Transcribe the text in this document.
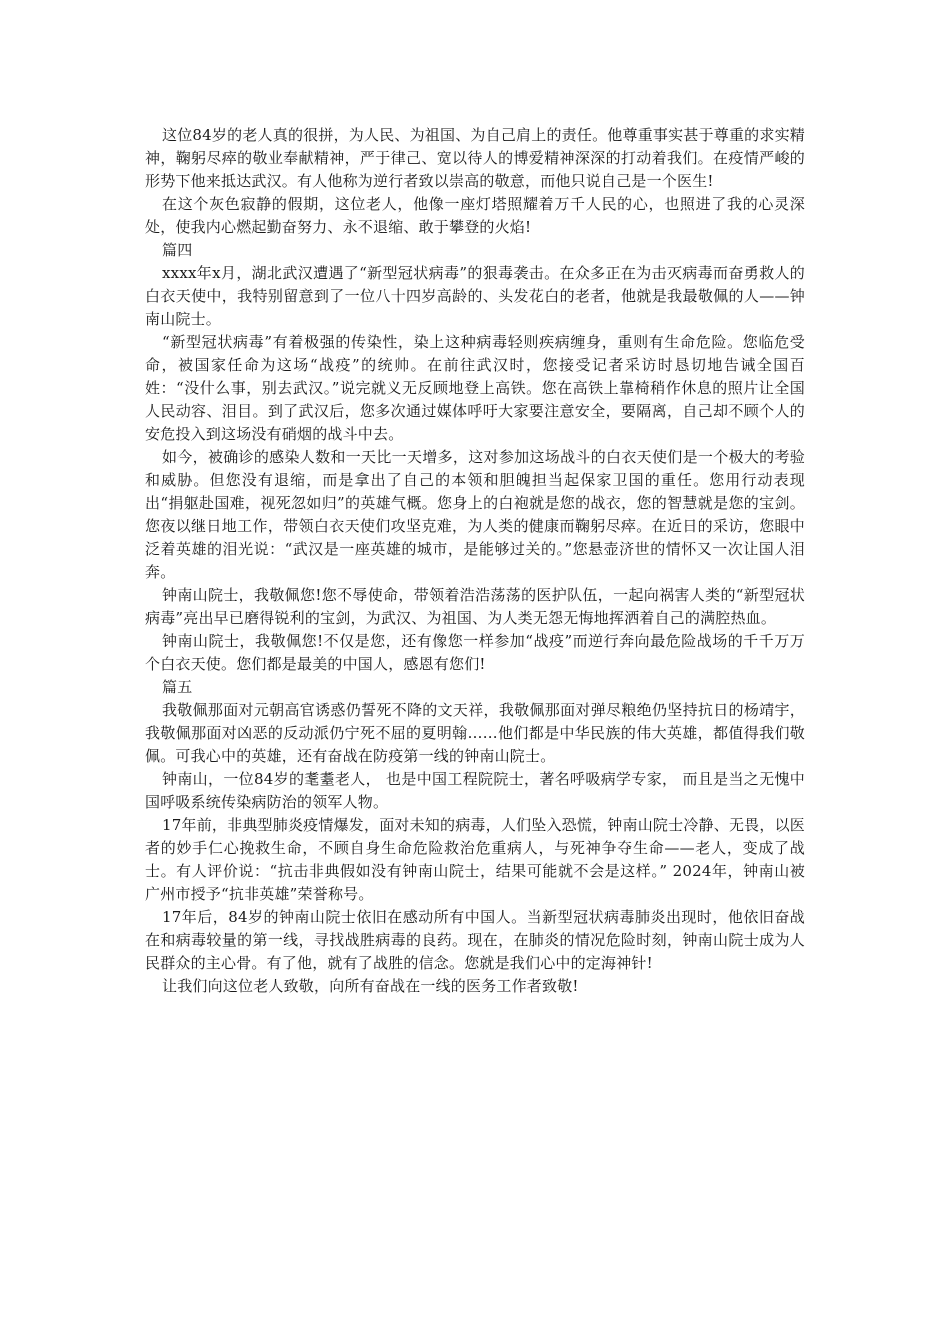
这位84岁的老人真的很拼，为人民、为祖国、为自己肩上的责任。他尊重事实甚于尊重的求实精神，鞠躬尽瘁的敬业奉献精神，严于律己、宽以待人的博爱精神深深的打动着我们。在疫情严峻的形势下他来抵达武汉。有人他称为逆行者致以崇高的敬意，而他只说自己是一个医生!

在这个灰色寂静的假期，这位老人，他像一座灯塔照耀着万千人民的心，也照进了我的心灵深处，使我内心燃起勤奋努力、永不退缩、敢于攀登的火焰!

篇四

xxxx年x月，湖北武汉遭遇了“新型冠状病毒”的狠毒袭击。在众多正在为击灭病毒而奋勇救人的白衣天使中，我特别留意到了一位八十四岁高龄的、头发花白的老者，他就是我最敬佩的人——钟南山院士。

“新型冠状病毒”有着极强的传染性，染上这种病毒轻则疾病缠身，重则有生命危险。您临危受命，被国家任命为这场“战疫”的统帅。在前往武汉时，您接受记者采访时恳切地告诫全国百姓：“没什么事，别去武汉。”说完就义无反顾地登上高铁。您在高铁上靠椅稍作休息的照片让全国人民动容、泪目。到了武汉后，您多次通过媒体呼吁大家要注意安全，要隔离，自己却不顾个人的安危投入到这场没有硝烟的战斗中去。

如今，被确诊的感染人数和一天比一天增多，这对参加这场战斗的白衣天使们是一个极大的考验和威胁。但您没有退缩，而是拿出了自己的本领和胆魄担当起保家卫国的重任。您用行动表现出“捐躯赴国难，视死忽如归”的英雄气概。您身上的白袍就是您的战衣，您的智慧就是您的宝剑。您夜以继日地工作，带领白衣天使们攻坚克难，为人类的健康而鞠躬尽瘁。在近日的采访，您眼中泛着英雄的泪光说：“武汉是一座英雄的城市，是能够过关的。”您悬壶济世的情怀又一次让国人泪奔。

钟南山院士，我敬佩您!您不辱使命，带领着浩浩荡荡的医护队伍，一起向祸害人类的“新型冠状病毒”亮出早已磨得锐利的宝剑，为武汉、为祖国、为人类无怨无悔地挥洒着自己的满腔热血。

钟南山院士，我敬佩您!不仅是您，还有像您一样参加“战疫”而逆行奔向最危险战场的千千万万个白衣天使。您们都是最美的中国人，感恩有您们!

篇五

我敬佩那面对元朝高官诱惑仍誓死不降的文天祥，我敬佩那面对弹尽粮绝仍坚持抗日的杨靖宇，我敬佩那面对凶恶的反动派仍宁死不屈的夏明翰……他们都是中华民族的伟大英雄，都值得我们敬佩。可我心中的英雄，还有奋战在防疫第一线的钟南山院士。

钟南山，一位84岁的耄耋老人， 也是中国工程院院士，著名呼吸病学专家， 而且是当之无愧中国呼吸系统传染病防治的领军人物。

17年前，非典型肺炎疫情爆发，面对未知的病毒，人们坠入恐慌，钟南山院士冷静、无畏，以医者的妙手仁心挽救生命，不顾自身生命危险救治危重病人，与死神争夺生命——老人，变成了战士。有人评价说：“抗击非典假如没有钟南山院士，结果可能就不会是这样。” 2024年，钟南山被广州市授予“抗非英雄”荣誉称号。

17年后，84岁的钟南山院士依旧在感动所有中国人。当新型冠状病毒肺炎出现时，他依旧奋战在和病毒较量的第一线，寻找战胜病毒的良药。现在，在肺炎的情况危险时刻，钟南山院士成为人民群众的主心骨。有了他，就有了战胜的信念。您就是我们心中的定海神针!

让我们向这位老人致敬，向所有奋战在一线的医务工作者致敬!
